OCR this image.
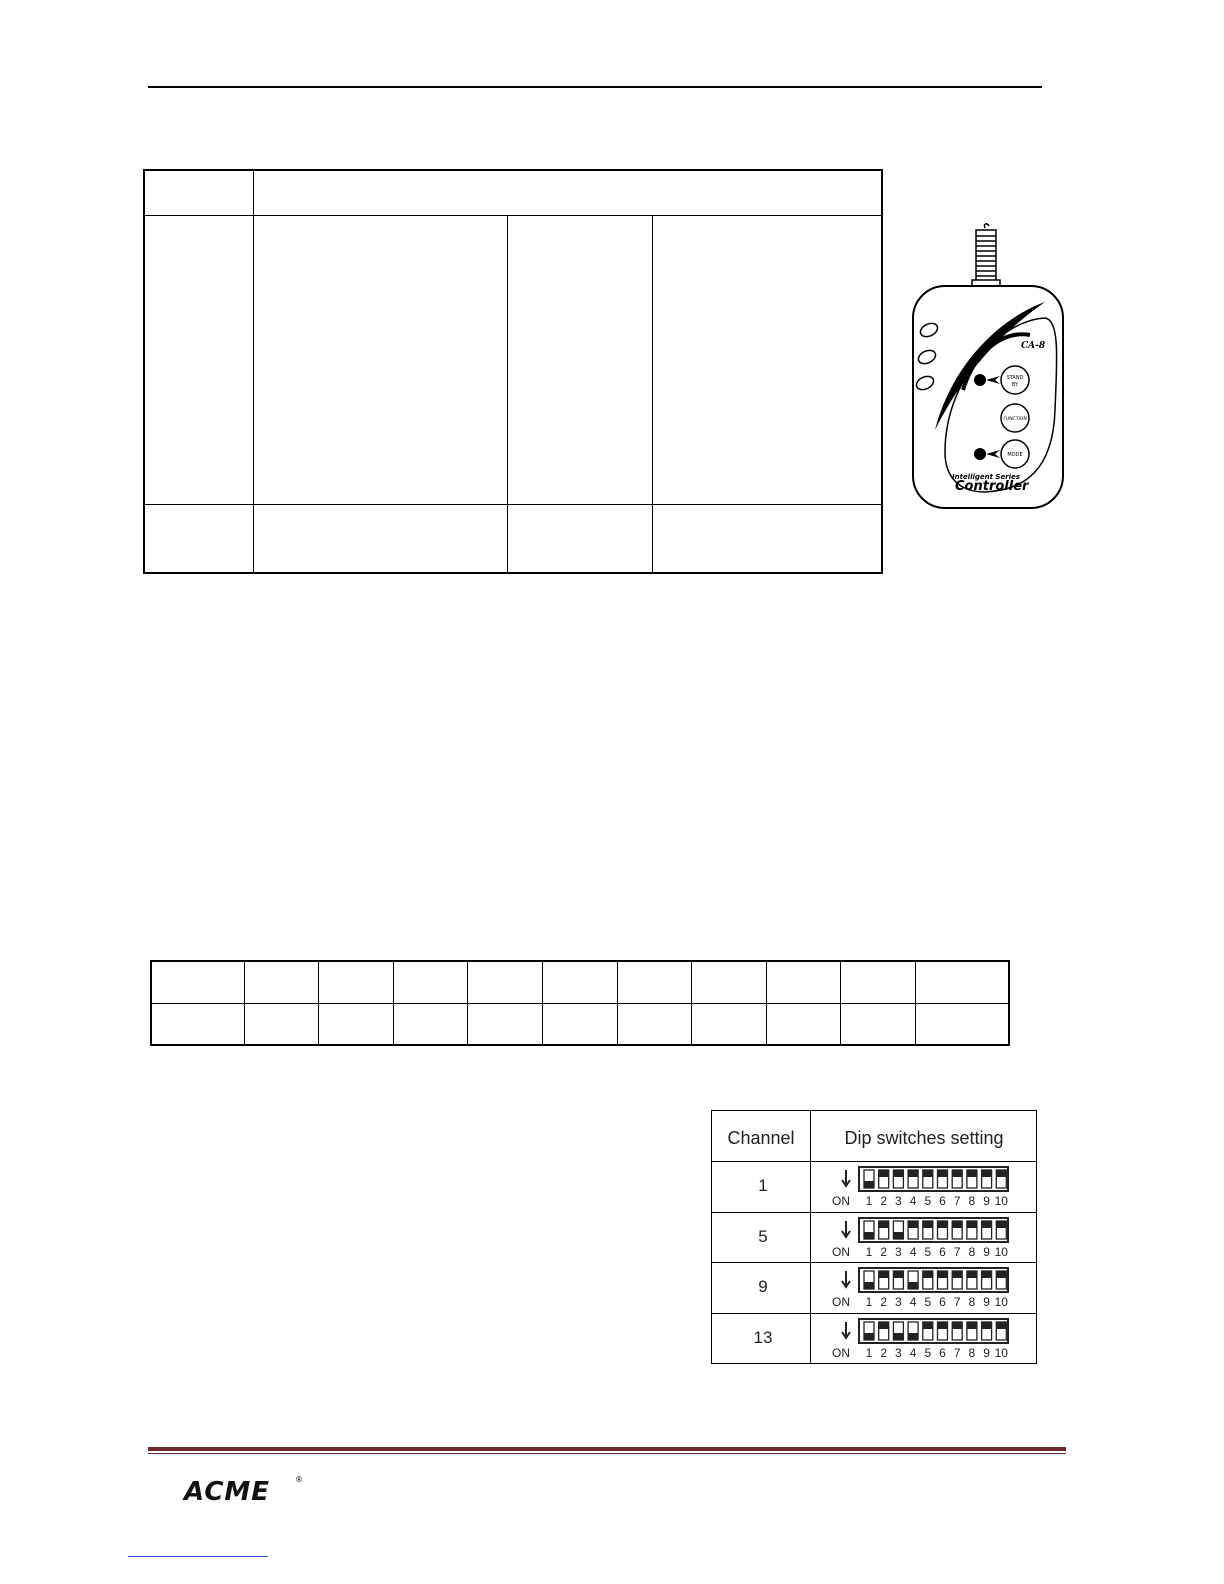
CA-8
STAND
BY
FUNCTION
MODE
Intelligent Series
Controller
Channel	Dip switches setting
1
1 2 3 4 5 6 7 8 9 10
ON
5
1 2 3 4 5 6 7 8 9 10
ON
9
1 2 3 4 5 6 7 8 9 10
ON
13
1 2 3 4 5 6 7 8 9 10
ON
ACME	®
